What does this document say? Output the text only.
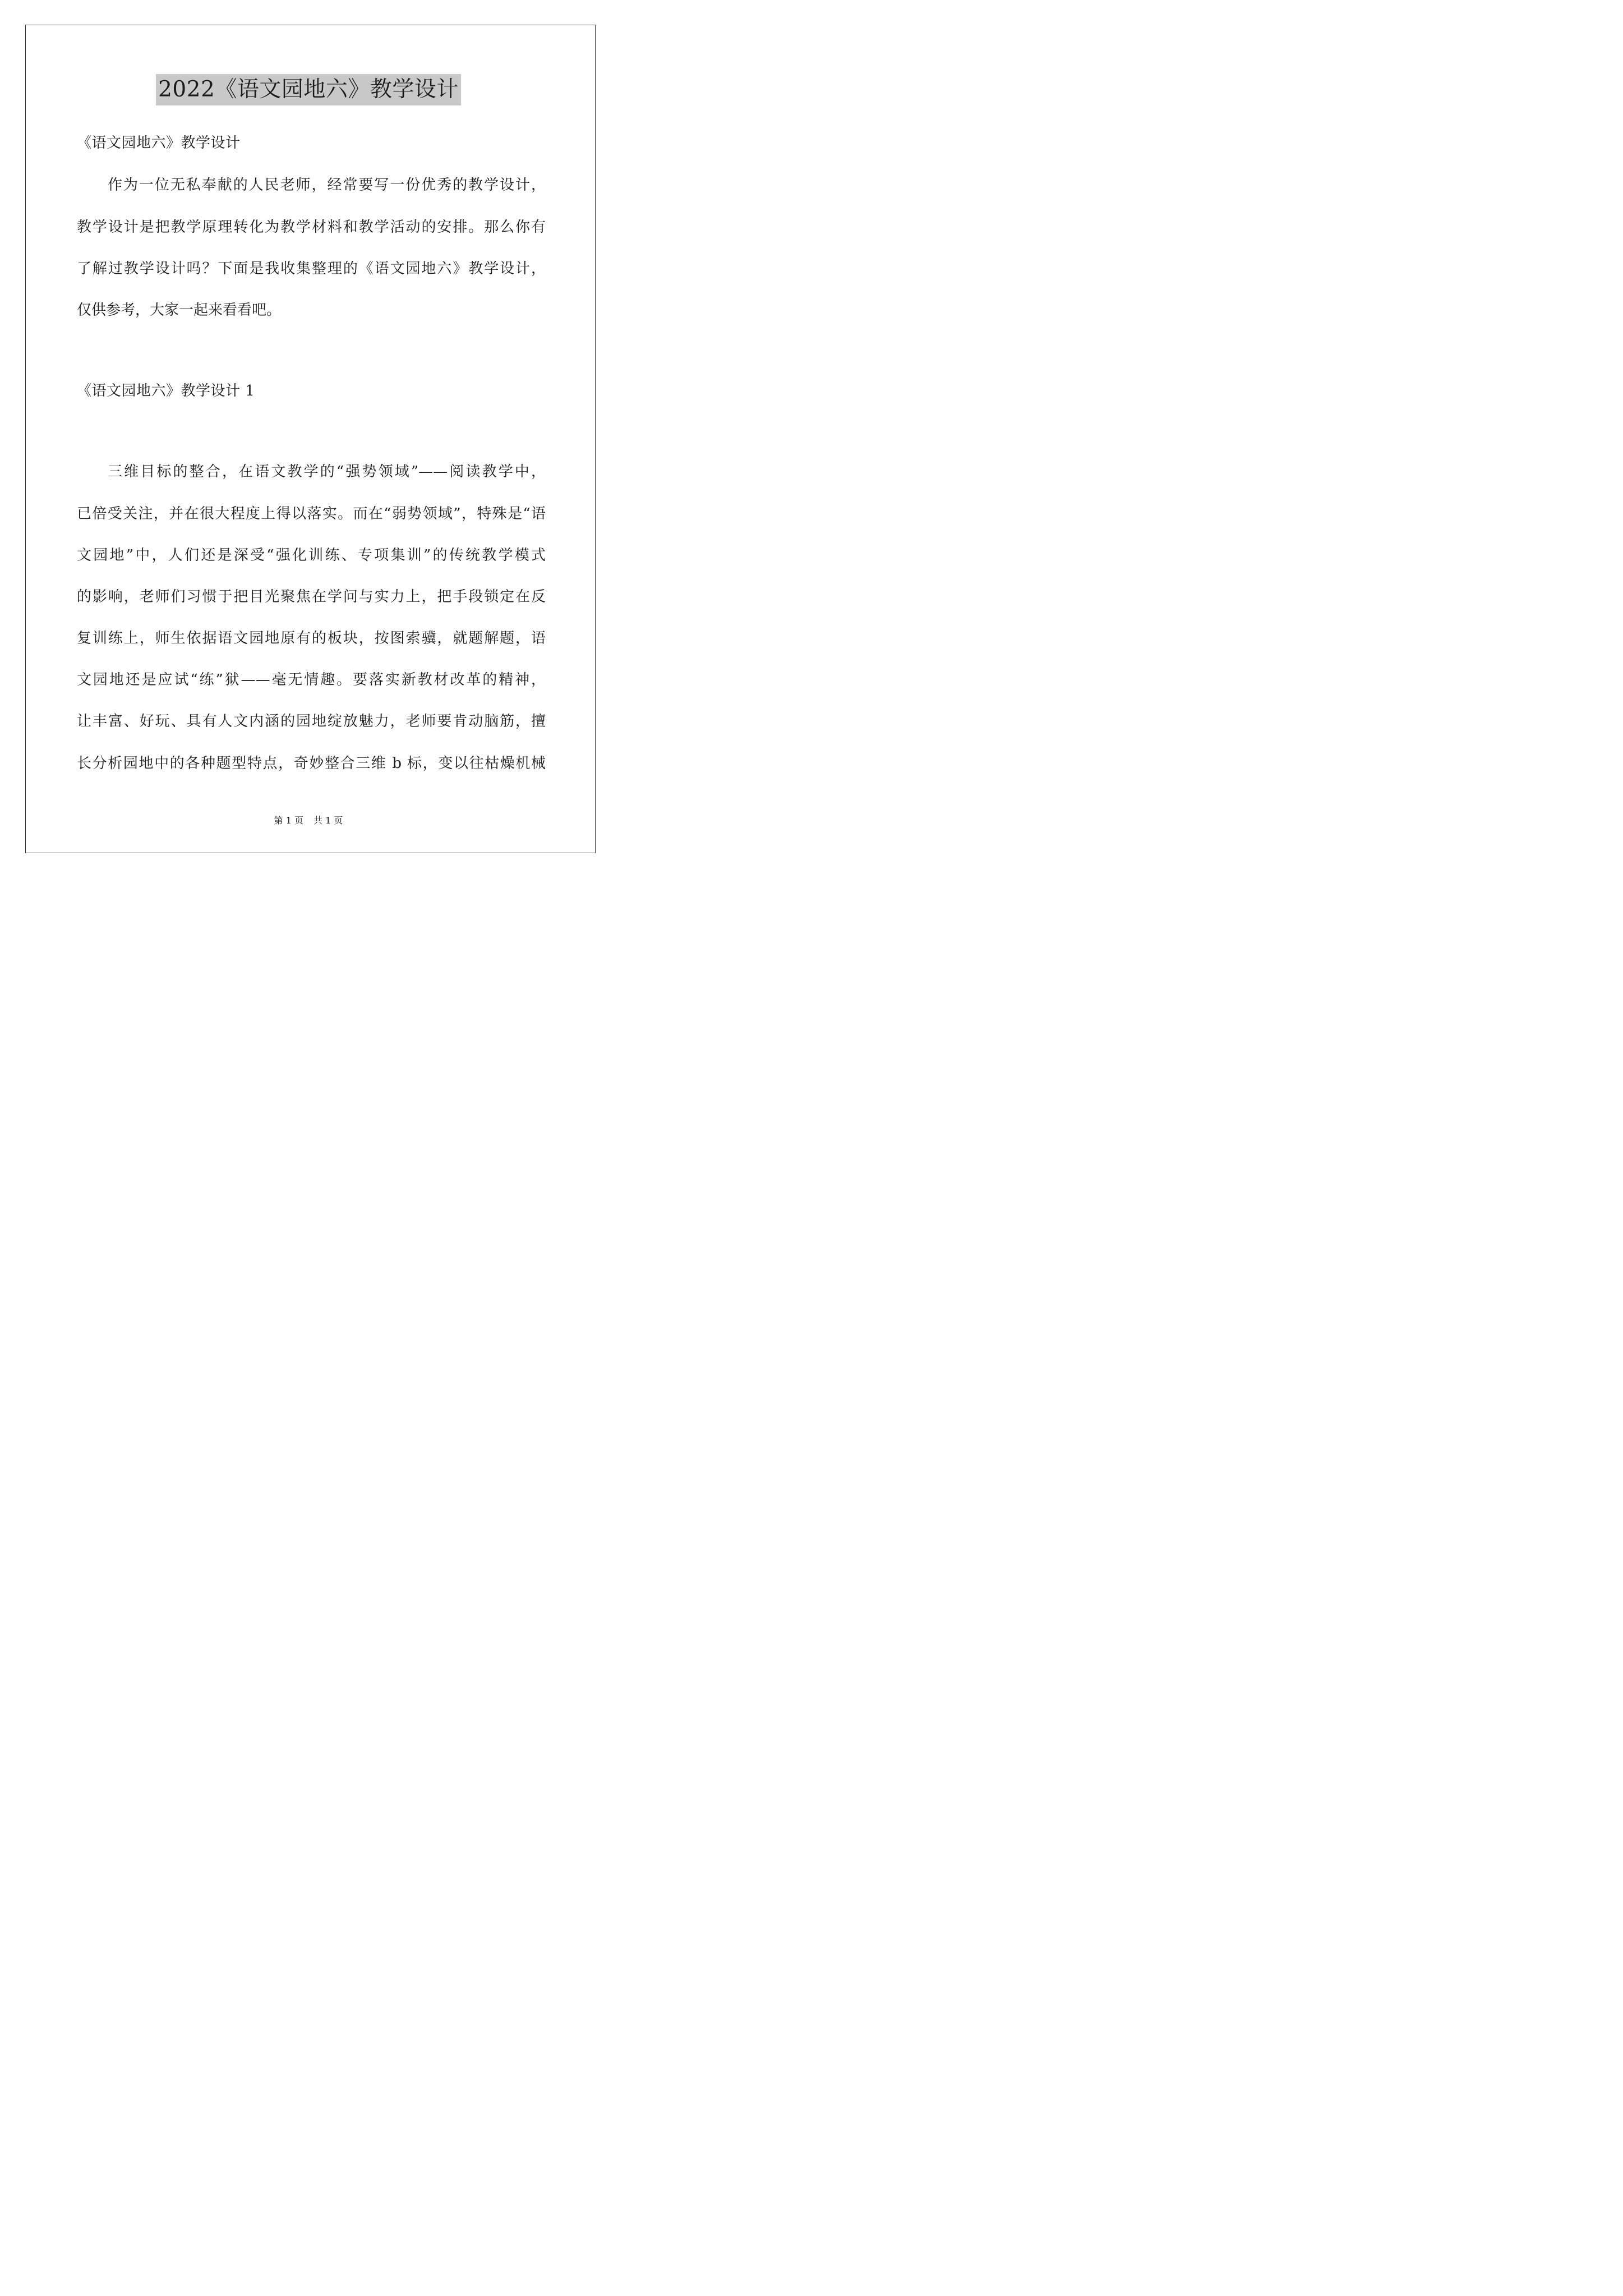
2022《语文园地六》教学设计
《语文园地六》教学设计
作为一位无私奉献的人民老师，经常要写一份优秀的教学设计，
教学设计是把教学原理转化为教学材料和教学活动的安排。那么你有
了解过教学设计吗？下面是我收集整理的《语文园地六》教学设计，
仅供参考，大家一起来看看吧。
《语文园地六》教学设计 1
三维目标的整合，在语文教学的“强势领域”——阅读教学中，
已倍受关注，并在很大程度上得以落实。而在“弱势领域”，特殊是“语
文园地”中，人们还是深受“强化训练、专项集训”的传统教学模式
的影响，老师们习惯于把目光聚焦在学问与实力上，把手段锁定在反
复训练上，师生依据语文园地原有的板块，按图索骥，就题解题，语
文园地还是应试“练”狱——毫无情趣。要落实新教材改革的精神，
让丰富、好玩、具有人文内涵的园地绽放魅力，老师要肯动脑筋，擅
长分析园地中的各种题型特点，奇妙整合三维 b 标，变以往枯燥机械
第 1 页 共 1 页
